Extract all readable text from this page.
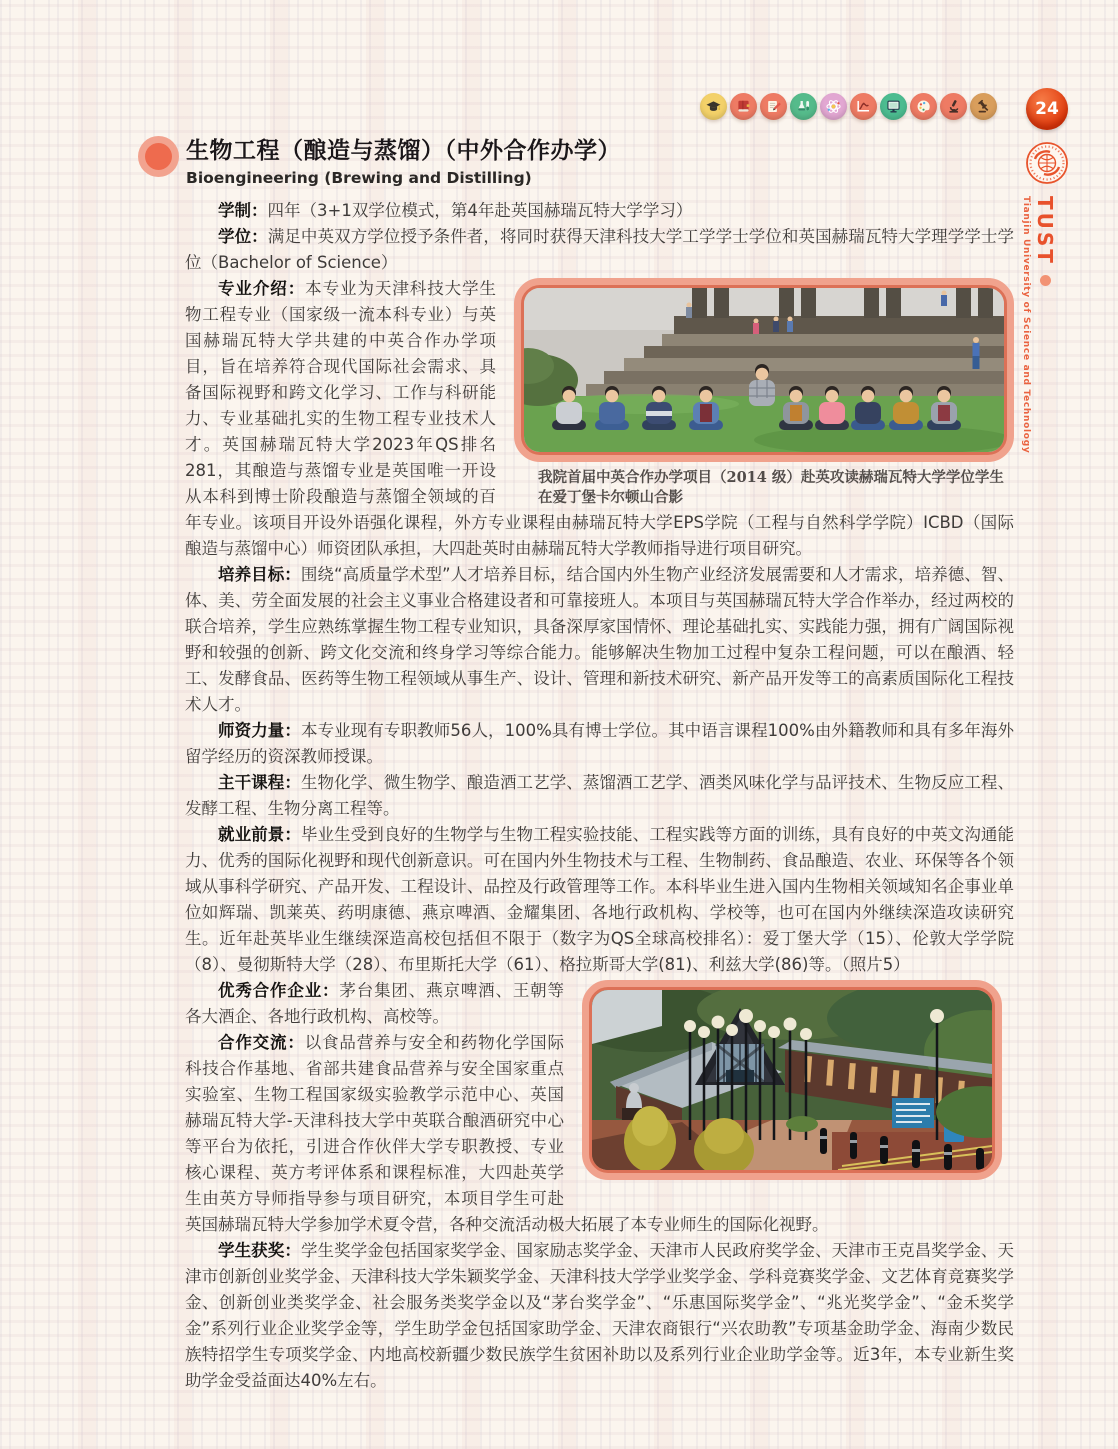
24
Tianjin University of Science and Technology TUST
生物工程（酿造与蒸馏）（中外合作办学）
Bioengineering (Brewing and Distilling)

学制：四年（3+1双学位模式，第4年赴英国赫瑞瓦特大学学习）

学位：满足中英双方学位授予条件者，将同时获得天津科技大学工学学士学位和英国赫瑞瓦特大学理学学士学位（Bachelor of Science）

我院首届中英合作办学项目（2014 级）赴英攻读赫瑞瓦特大学学位学生在爱丁堡卡尔顿山合影

专业介绍：本专业为天津科技大学生物工程专业（国家级一流本科专业）与英国赫瑞瓦特大学共建的中英合作办学项目，旨在培养符合现代国际社会需求、具备国际视野和跨文化学习、工作与科研能力、专业基础扎实的生物工程专业技术人才。英国赫瑞瓦特大学2023年QS排名281，其酿造与蒸馏专业是英国唯一开设从本科到博士阶段酿造与蒸馏全领域的百年专业。该项目开设外语强化课程，外方专业课程由赫瑞瓦特大学EPS学院（工程与自然科学学院）ICBD（国际酿造与蒸馏中心）师资团队承担，大四赴英时由赫瑞瓦特大学教师指导进行项目研究。

培养目标：围绕“高质量学术型”人才培养目标，结合国内外生物产业经济发展需要和人才需求，培养德、智、体、美、劳全面发展的社会主义事业合格建设者和可靠接班人。本项目与英国赫瑞瓦特大学合作举办，经过两校的联合培养，学生应熟练掌握生物工程专业知识，具备深厚家国情怀、理论基础扎实、实践能力强，拥有广阔国际视野和较强的创新、跨文化交流和终身学习等综合能力。能够解决生物加工过程中复杂工程问题，可以在酿酒、轻工、发酵食品、医药等生物工程领域从事生产、设计、管理和新技术研究、新产品开发等工的高素质国际化工程技术人才。

师资力量：本专业现有专职教师56人，100%具有博士学位。其中语言课程100%由外籍教师和具有多年海外留学经历的资深教师授课。

主干课程：生物化学、微生物学、酿造酒工艺学、蒸馏酒工艺学、酒类风味化学与品评技术、生物反应工程、发酵工程、生物分离工程等。

就业前景：毕业生受到良好的生物学与生物工程实验技能、工程实践等方面的训练，具有良好的中英文沟通能力、优秀的国际化视野和现代创新意识。可在国内外生物技术与工程、生物制药、食品酿造、农业、环保等各个领域从事科学研究、产品开发、工程设计、品控及行政管理等工作。本科毕业生进入国内生物相关领域知名企事业单位如辉瑞、凯莱英、药明康德、燕京啤酒、金耀集团、各地行政机构、学校等，也可在国内外继续深造攻读研究生。近年赴英毕业生继续深造高校包括但不限于（数字为QS全球高校排名）：爱丁堡大学（15）、伦敦大学学院（8）、曼彻斯特大学（28）、布里斯托大学（61）、格拉斯哥大学(81)、利兹大学(86)等。（照片5）

优秀合作企业：茅台集团、燕京啤酒、王朝等各大酒企、各地行政机构、高校等。

合作交流：以食品营养与安全和药物化学国际科技合作基地、省部共建食品营养与安全国家重点实验室、生物工程国家级实验教学示范中心、英国赫瑞瓦特大学-天津科技大学中英联合酿酒研究中心等平台为依托，引进合作伙伴大学专职教授、专业核心课程、英方考评体系和课程标准，大四赴英学生由英方导师指导参与项目研究，本项目学生可赴英国赫瑞瓦特大学参加学术夏令营，各种交流活动极大拓展了本专业师生的国际化视野。

学生获奖：学生奖学金包括国家奖学金、国家励志奖学金、天津市人民政府奖学金、天津市王克昌奖学金、天津市创新创业奖学金、天津科技大学朱颖奖学金、天津科技大学学业奖学金、学科竞赛奖学金、文艺体育竞赛奖学金、创新创业类奖学金、社会服务类奖学金以及“茅台奖学金”、“乐惠国际奖学金”、“兆光奖学金”、“金禾奖学金”系列行业企业奖学金等，学生助学金包括国家助学金、天津农商银行“兴农助教”专项基金助学金、海南少数民族特招学生专项奖学金、内地高校新疆少数民族学生贫困补助以及系列行业企业助学金等。近3年，本专业新生奖助学金受益面达40%左右。
